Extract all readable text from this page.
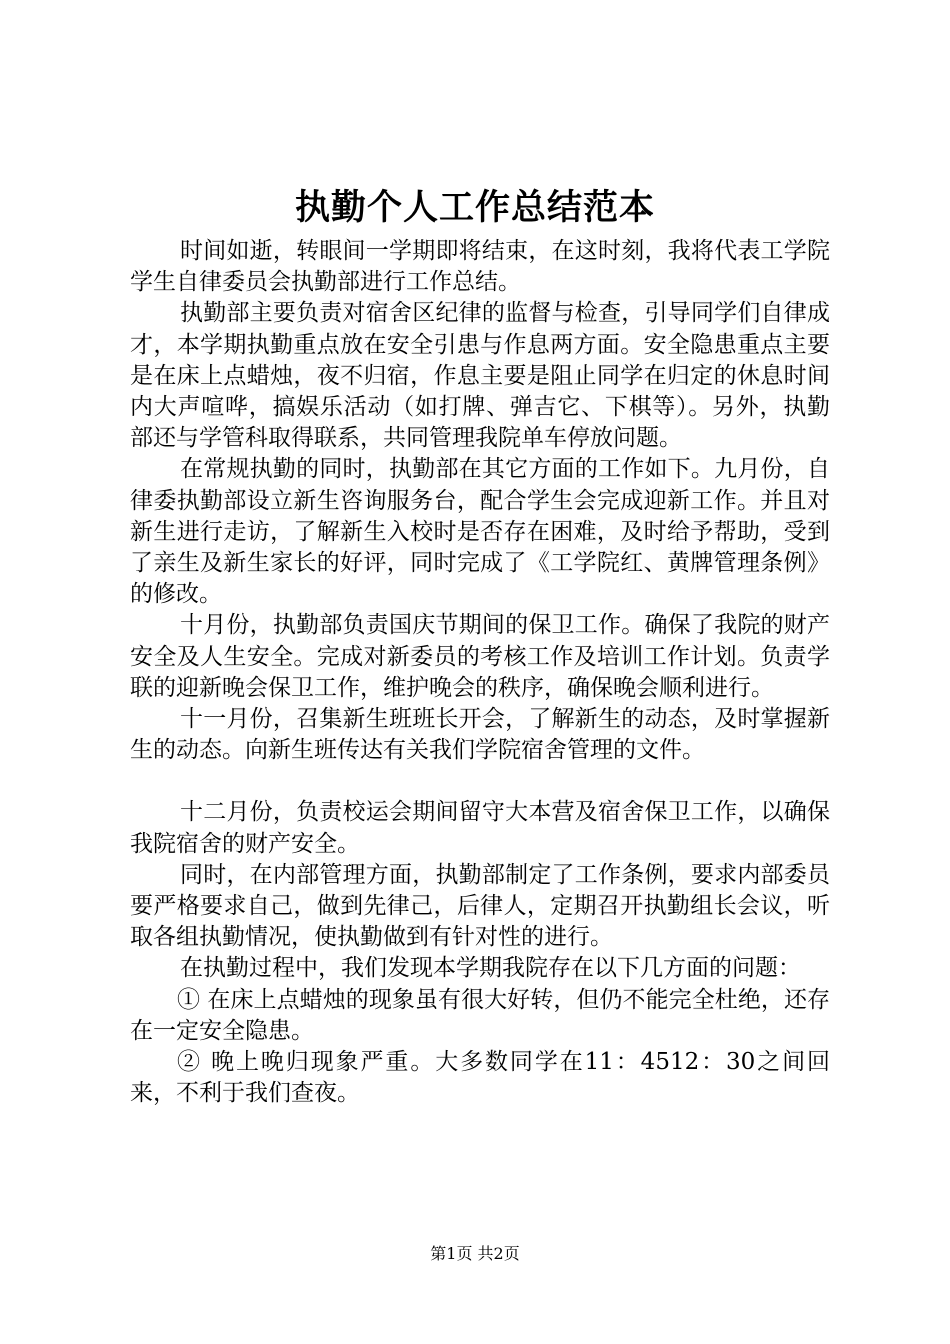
执勤个人工作总结范本

时间如逝，转眼间一学期即将结束，在这时刻，我将代表工学院学生自律委员会执勤部进行工作总结。

执勤部主要负责对宿舍区纪律的监督与检查，引导同学们自律成才，本学期执勤重点放在安全引患与作息两方面。安全隐患重点主要是在床上点蜡烛，夜不归宿，作息主要是阻止同学在归定的休息时间内大声喧哗，搞娱乐活动（如打牌、弹吉它、下棋等）。另外，执勤部还与学管科取得联系，共同管理我院单车停放问题。

在常规执勤的同时，执勤部在其它方面的工作如下。九月份，自律委执勤部设立新生咨询服务台，配合学生会完成迎新工作。并且对新生进行走访，了解新生入校时是否存在困难，及时给予帮助，受到了亲生及新生家长的好评，同时完成了《工学院红、黄牌管理条例》的修改。

十月份，执勤部负责国庆节期间的保卫工作。确保了我院的财产安全及人生安全。完成对新委员的考核工作及培训工作计划。负责学联的迎新晚会保卫工作，维护晚会的秩序，确保晚会顺利进行。

十一月份，召集新生班班长开会，了解新生的动态，及时掌握新生的动态。向新生班传达有关我们学院宿舍管理的文件。

十二月份，负责校运会期间留守大本营及宿舍保卫工作，以确保我院宿舍的财产安全。

同时，在内部管理方面，执勤部制定了工作条例，要求内部委员要严格要求自己，做到先律己，后律人，定期召开执勤组长会议，听取各组执勤情况，使执勤做到有针对性的进行。

在执勤过程中，我们发现本学期我院存在以下几方面的问题：

① 在床上点蜡烛的现象虽有很大好转，但仍不能完全杜绝，还存在一定安全隐患。

② 晚上晚归现象严重。大多数同学在11：4512：30之间回来，不利于我们查夜。

第1页 共2页
